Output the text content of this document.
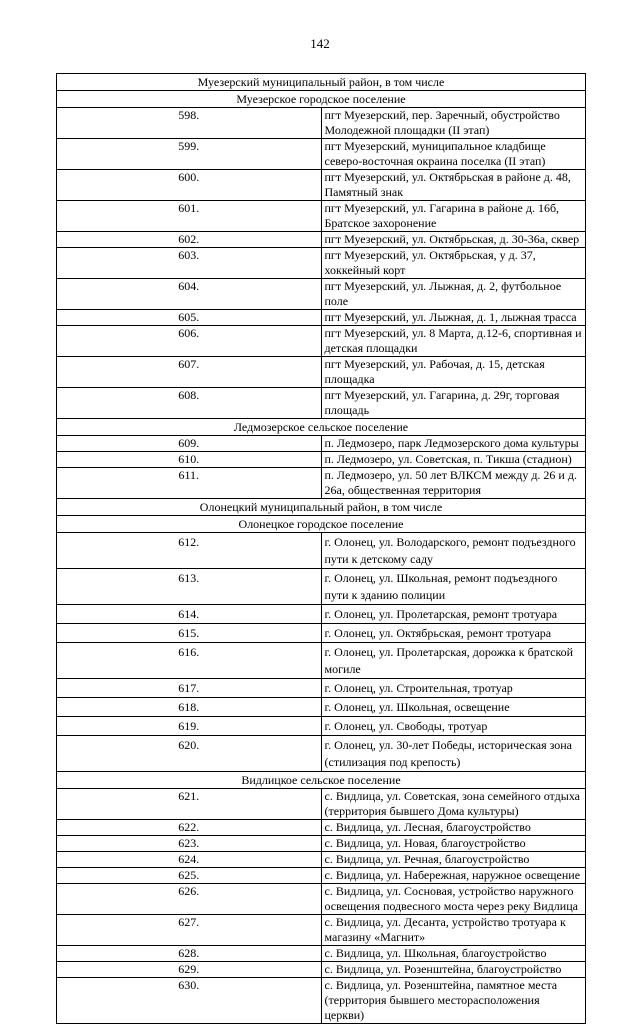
142
Муезерский муниципальный район, в том числе	
Муезерское городское поселение	
598.	пгт Муезерский, пер. Заречный, обустройство Молодежной площадки (II этап)
599.	пгт Муезерский, муниципальное кладбище северо-восточная окраина поселка (II этап)
600.	пгт Муезерский, ул. Октябрьская в районе д. 48, Памятный знак
601.	пгт Муезерский, ул. Гагарина в районе д. 16б, Братское захоронение
602.	пгт Муезерский, ул. Октябрьская, д. 30-36а, сквер
603.	пгт Муезерский, ул. Октябрьская, у д. 37, хоккейный корт
604.	пгт Муезерский, ул. Лыжная, д. 2, футбольное поле
605.	пгт Муезерский, ул. Лыжная, д. 1, лыжная трасса
606.	пгт Муезерский, ул. 8 Марта, д.12-6, спортивная и детская площадки
607.	пгт Муезерский, ул. Рабочая, д. 15, детская площадка
608.	пгт Муезерский, ул. Гагарина, д. 29г, торговая площадь
Ледмозерское сельское поселение	
609.	п. Ледмозеро, парк Ледмозерского дома культуры
610.	п. Ледмозеро, ул. Советская, п. Тикша (стадион)
611.	п. Ледмозеро, ул. 50 лет ВЛКСМ между д. 26 и д. 26а, общественная территория
Олонецкий муниципальный район, в том числе	
Олонецкое городское поселение	
612.	г. Олонец, ул. Володарского, ремонт подъездного пути к детскому саду
613.	г. Олонец, ул. Школьная, ремонт подъездного пути к зданию полиции
614.	г. Олонец, ул. Пролетарская, ремонт тротуара
615.	г. Олонец, ул. Октябрьская, ремонт тротуара
616.	г. Олонец, ул. Пролетарская, дорожка к братской могиле
617.	г. Олонец, ул. Строительная, тротуар
618.	г. Олонец, ул. Школьная, освещение
619.	г. Олонец, ул. Свободы, тротуар
620.	г. Олонец, ул. 30-лет Победы, историческая зона (стилизация под крепость)
Видлицкое сельское поселение	
621.	с. Видлица, ул. Советская, зона семейного отдыха (территория бывшего Дома культуры)
622.	с. Видлица, ул. Лесная, благоустройство
623.	с. Видлица, ул. Новая, благоустройство
624.	с. Видлица, ул. Речная, благоустройство
625.	с. Видлица, ул. Набережная, наружное освещение
626.	с. Видлица, ул. Сосновая, устройство наружного освещения подвесного моста через реку Видлица
627.	с. Видлица, ул. Десанта, устройство тротуара к магазину «Магнит»
628.	с. Видлица, ул. Школьная, благоустройство
629.	с. Видлица, ул. Розенштейна, благоустройство
630.	с. Видлица, ул. Розенштейна, памятное места (территория бывшего месторасположения церкви)
